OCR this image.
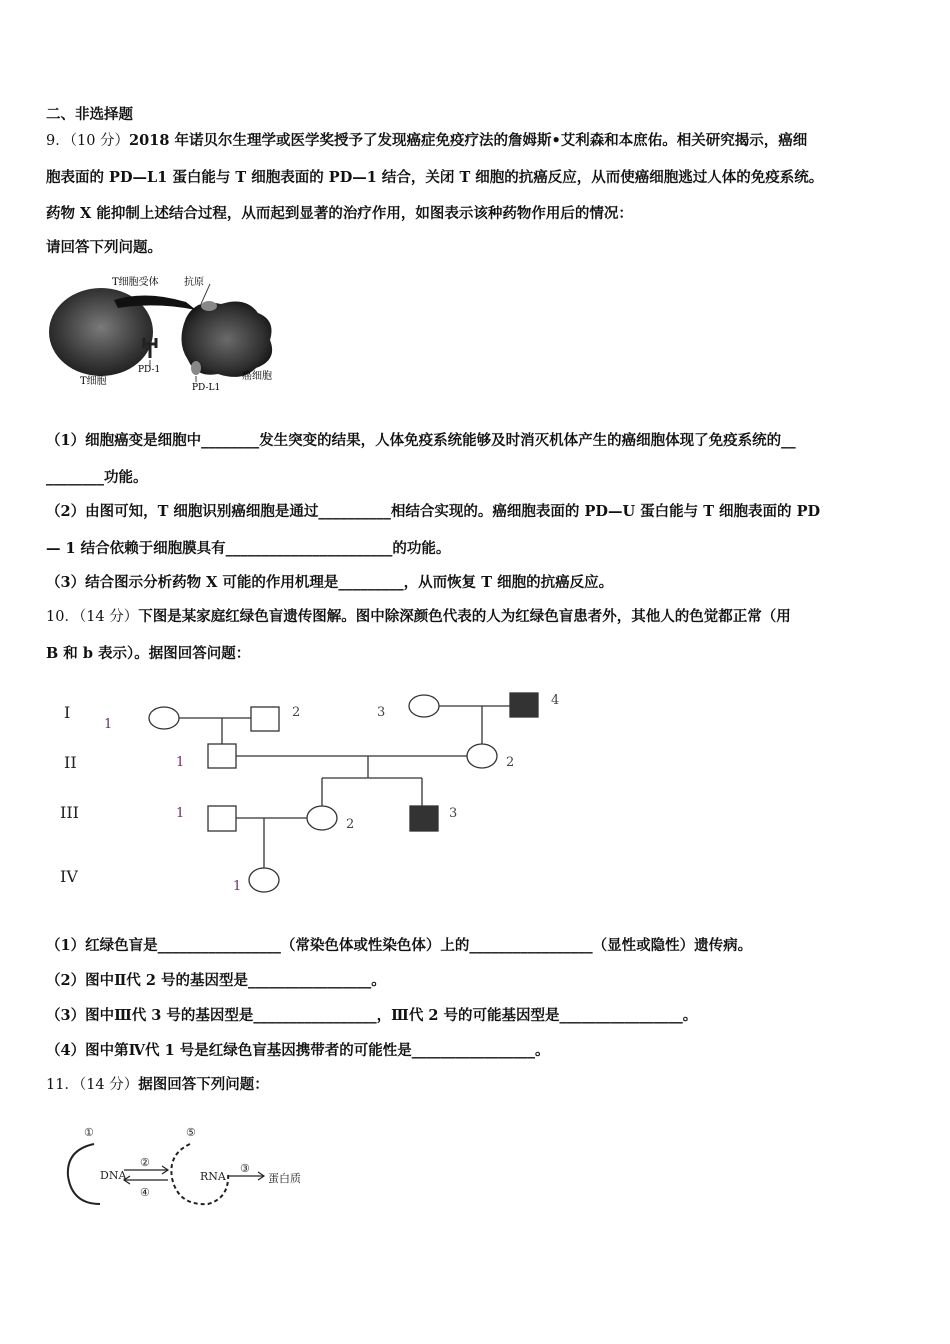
二、非选择题
9．（10 分）2018 年诺贝尔生理学或医学奖授予了发现癌症免疫疗法的詹姆斯•艾利森和本庶佑。相关研究揭示，癌细
胞表面的 PD—L1 蛋白能与 T 细胞表面的 PD—1 结合，关闭 T 细胞的抗癌反应，从而使癌细胞逃过人体的免疫系统。
药物 X 能抑制上述结合过程，从而起到显著的治疗作用，如图表示该种药物作用后的情况：
请回答下列问题。
T细胞受体	抗原
PD-1
T细胞
PD-L1
癌细胞
（1）细胞癌变是细胞中________发生突变的结果，人体免疫系统能够及时消灭机体产生的癌细胞体现了免疫系统的__
________功能。
（2）由图可知，T 细胞识别癌细胞是通过__________相结合实现的。癌细胞表面的 PD—U 蛋白能与 T 细胞表面的 PD
— 1 结合依赖于细胞膜具有_______________________的功能。
（3）结合图示分析药物 X 可能的作用机理是_________，从而恢复 T 细胞的抗癌反应。
10．（14 分）下图是某家庭红绿色盲遗传图解。图中除深颜色代表的人为红绿色盲患者外，其他人的色觉都正常（用
B 和 b 表示）。据图回答问题：
I
II
III
IV
1
2	3
4
1	2
1
2
3
1
（1）红绿色盲是_________________（常染色体或性染色体）上的_________________（显性或隐性）遗传病。
（2）图中Ⅱ代 2 号的基因型是_________________。
（3）图中Ⅲ代 3 号的基因型是_________________，Ⅲ代 2 号的可能基因型是_________________。
（4）图中第Ⅳ代 1 号是红绿色盲基因携带者的可能性是_________________。
11．（14 分）据图回答下列问题：
DNA	RNA	蛋白质
①
②	③
④
⑤
